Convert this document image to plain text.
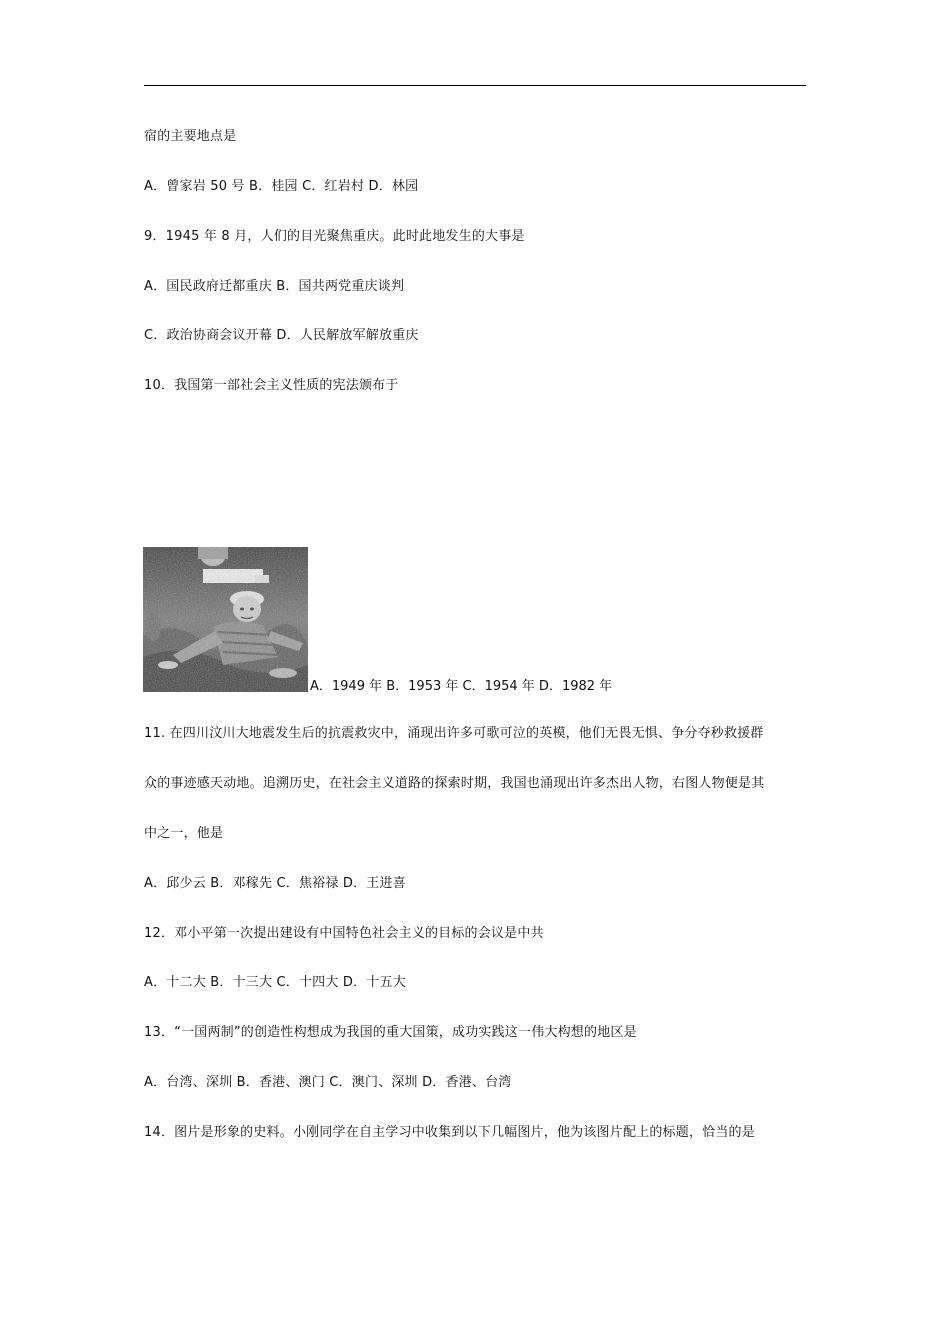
宿的主要地点是
A．曾家岩 50 号 B．桂园 C．红岩村 D．林园
9．1945 年 8 月，人们的目光聚焦重庆。此时此地发生的大事是
A．国民政府迁都重庆 B．国共两党重庆谈判
C．政治协商会议开幕 D．人民解放军解放重庆
10．我国第一部社会主义性质的宪法颁布于
A．1949 年 B．1953 年 C．1954 年 D．1982 年
11. 在四川汶川大地震发生后的抗震救灾中，涌现出许多可歌可泣的英模，他们无畏无惧、争分夺秒救援群
众的事迹感天动地。追溯历史，在社会主义道路的探索时期，我国也涌现出许多杰出人物，右图人物便是其
中之一，他是
A．邱少云 B．邓稼先 C．焦裕禄 D．王进喜
12．邓小平第一次提出建设有中国特色社会主义的目标的会议是中共
A．十二大 B．十三大 C．十四大 D．十五大
13．“一国两制”的创造性构想成为我国的重大国策，成功实践这一伟大构想的地区是
A．台湾、深圳 B．香港、澳门 C．澳门、深圳 D．香港、台湾
14．图片是形象的史料。小刚同学在自主学习中收集到以下几幅图片，他为该图片配上的标题，恰当的是
